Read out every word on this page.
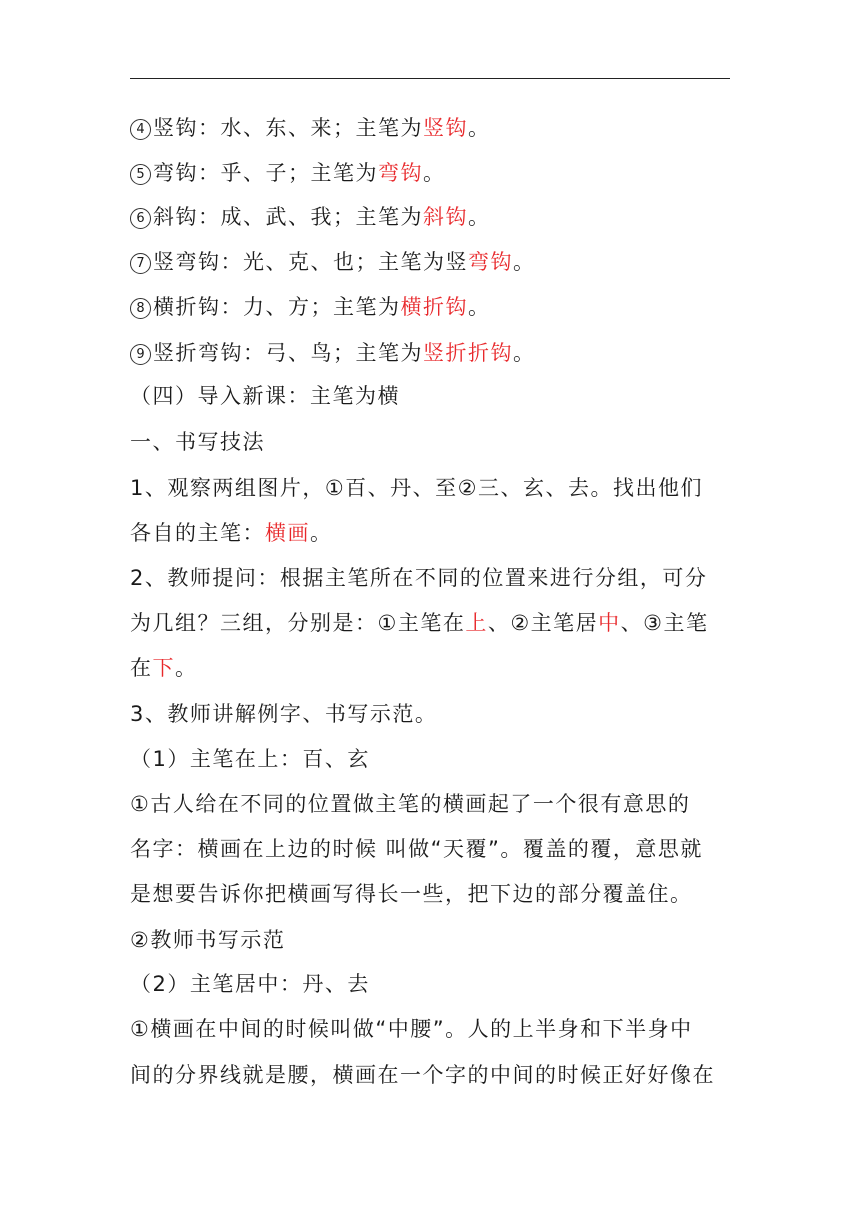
4 竖钩：水、东、来；主笔为竖钩。
5 弯钩：乎、子；主笔为弯钩。
6 斜钩：成、武、我；主笔为斜钩。
7 竖弯钩：光、克、也；主笔为竖弯钩。
8 横折钩：力、方；主笔为横折钩。
9 竖折弯钩：弓、鸟；主笔为竖折折钩。
（四）导入新课：主笔为横
一、书写技法
1、观察两组图片，①百、丹、至②三、玄、去。找出他们
各自的主笔：横画。
2、教师提问：根据主笔所在不同的位置来进行分组，可分
为几组？三组，分别是：①主笔在上、②主笔居中、③主笔
在下。
3、教师讲解例字、书写示范。
（1）主笔在上：百、玄
①古人给在不同的位置做主笔的横画起了一个很有意思的
名字：横画在上边的时候 叫做“天覆”。覆盖的覆，意思就
是想要告诉你把横画写得长一些，把下边的部分覆盖住。
②教师书写示范
（2）主笔居中：丹、去
①横画在中间的时候叫做“中腰”。人的上半身和下半身中
间的分界线就是腰，横画在一个字的中间的时候正好好像在
